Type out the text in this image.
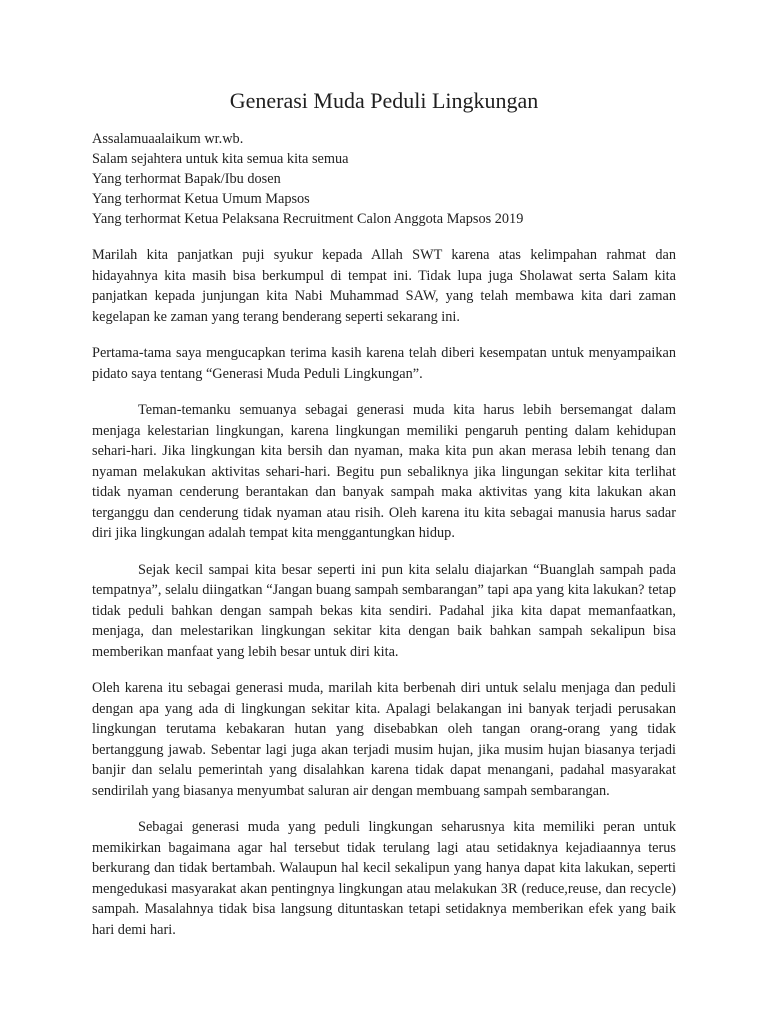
Generasi Muda Peduli Lingkungan
Assalamuaalaikum wr.wb.
Salam sejahtera untuk kita semua kita semua
Yang terhormat Bapak/Ibu dosen
Yang terhormat Ketua Umum Mapsos
Yang terhormat Ketua Pelaksana Recruitment Calon Anggota Mapsos 2019

Marilah kita panjatkan puji syukur kepada Allah SWT karena atas kelimpahan rahmat dan hidayahnya kita masih bisa berkumpul di tempat ini. Tidak lupa juga Sholawat serta Salam kita panjatkan kepada junjungan kita Nabi Muhammad SAW, yang telah membawa kita dari zaman kegelapan ke zaman yang terang benderang seperti sekarang ini.

Pertama-tama saya mengucapkan terima kasih karena telah diberi kesempatan untuk menyampaikan pidato saya tentang “Generasi Muda Peduli Lingkungan”.

Teman-temanku semuanya sebagai generasi muda kita harus lebih bersemangat dalam menjaga kelestarian lingkungan, karena lingkungan memiliki pengaruh penting dalam kehidupan sehari-hari. Jika lingkungan kita bersih dan nyaman, maka kita pun akan merasa lebih tenang dan nyaman melakukan aktivitas sehari-hari. Begitu pun sebaliknya jika lingungan sekitar kita terlihat tidak nyaman cenderung berantakan dan banyak sampah maka aktivitas yang kita lakukan akan terganggu dan cenderung tidak nyaman atau risih. Oleh karena itu kita sebagai manusia harus sadar diri jika lingkungan adalah tempat kita menggantungkan hidup.

Sejak kecil sampai kita besar seperti ini pun kita selalu diajarkan “Buanglah sampah pada tempatnya”, selalu diingatkan “Jangan buang sampah sembarangan” tapi apa yang kita lakukan? tetap tidak peduli bahkan dengan sampah bekas kita sendiri. Padahal jika kita dapat memanfaatkan, menjaga, dan melestarikan lingkungan sekitar kita dengan baik bahkan sampah sekalipun bisa memberikan manfaat yang lebih besar untuk diri kita.

Oleh karena itu sebagai generasi muda, marilah kita berbenah diri untuk selalu menjaga dan peduli dengan apa yang ada di lingkungan sekitar kita. Apalagi belakangan ini banyak terjadi perusakan lingkungan terutama kebakaran hutan yang disebabkan oleh tangan orang-orang yang tidak bertanggung jawab. Sebentar lagi juga akan terjadi musim hujan, jika musim hujan biasanya terjadi banjir dan selalu pemerintah yang disalahkan karena tidak dapat menangani, padahal masyarakat sendirilah yang biasanya menyumbat saluran air dengan membuang sampah sembarangan.

Sebagai generasi muda yang peduli lingkungan seharusnya kita memiliki peran untuk memikirkan bagaimana agar hal tersebut tidak terulang lagi atau setidaknya kejadiaannya terus berkurang dan tidak bertambah. Walaupun hal kecil sekalipun yang hanya dapat kita lakukan, seperti mengedukasi masyarakat akan pentingnya lingkungan atau melakukan 3R (reduce,reuse, dan recycle) sampah. Masalahnya tidak bisa langsung dituntaskan tetapi setidaknya memberikan efek yang baik hari demi hari.
